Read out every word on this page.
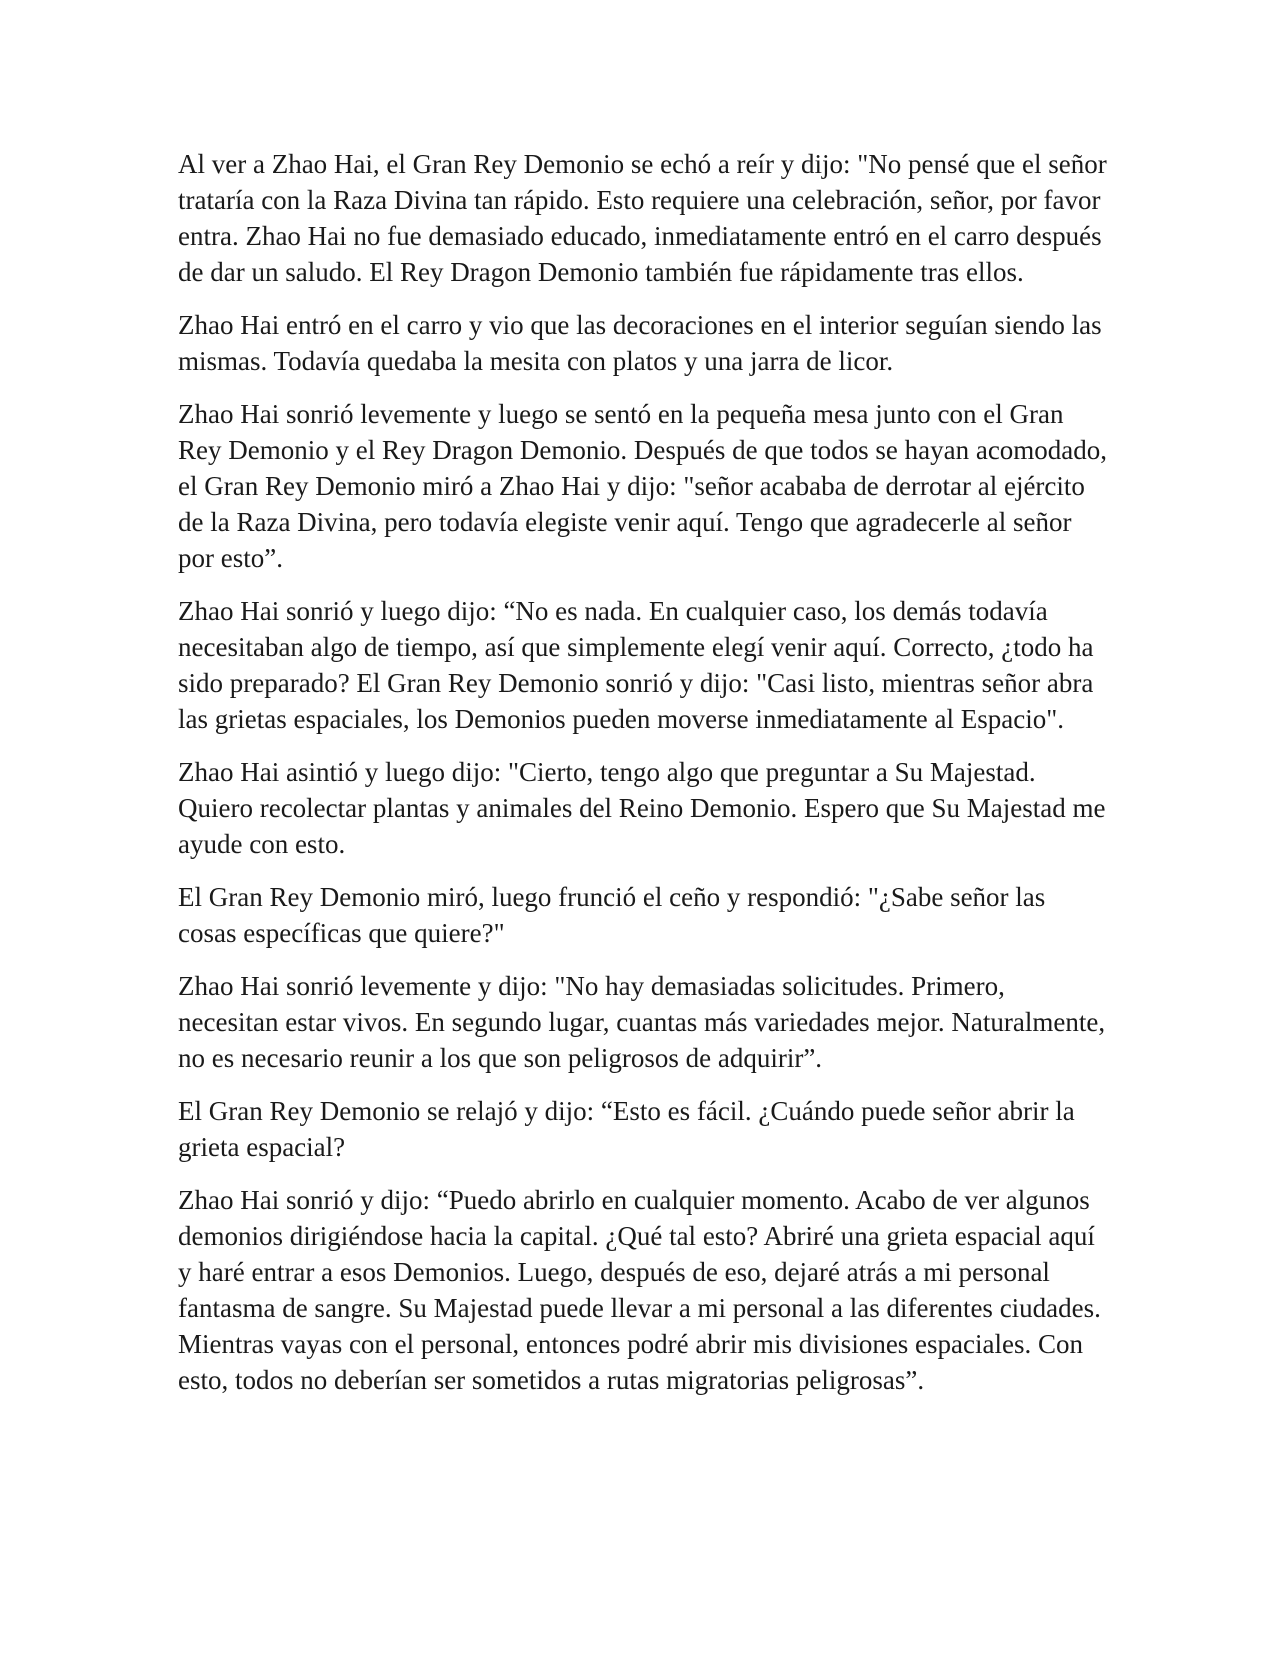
Al ver a Zhao Hai, el Gran Rey Demonio se echó a reír y dijo: "No pensé que el señor trataría con la Raza Divina tan rápido. Esto requiere una celebración, señor, por favor entra. Zhao Hai no fue demasiado educado, inmediatamente entró en el carro después de dar un saludo. El Rey Dragon Demonio también fue rápidamente tras ellos.

Zhao Hai entró en el carro y vio que las decoraciones en el interior seguían siendo las mismas. Todavía quedaba la mesita con platos y una jarra de licor.

Zhao Hai sonrió levemente y luego se sentó en la pequeña mesa junto con el Gran Rey Demonio y el Rey Dragon Demonio. Después de que todos se hayan acomodado, el Gran Rey Demonio miró a Zhao Hai y dijo: "señor acababa de derrotar al ejército de la Raza Divina, pero todavía elegiste venir aquí. Tengo que agradecerle al señor por esto”.

Zhao Hai sonrió y luego dijo: “No es nada. En cualquier caso, los demás todavía necesitaban algo de tiempo, así que simplemente elegí venir aquí. Correcto, ¿todo ha sido preparado? El Gran Rey Demonio sonrió y dijo: "Casi listo, mientras señor abra las grietas espaciales, los Demonios pueden moverse inmediatamente al Espacio".

Zhao Hai asintió y luego dijo: "Cierto, tengo algo que preguntar a Su Majestad. Quiero recolectar plantas y animales del Reino Demonio. Espero que Su Majestad me ayude con esto.

El Gran Rey Demonio miró, luego frunció el ceño y respondió: "¿Sabe señor las cosas específicas que quiere?"

Zhao Hai sonrió levemente y dijo: "No hay demasiadas solicitudes. Primero, necesitan estar vivos. En segundo lugar, cuantas más variedades mejor. Naturalmente, no es necesario reunir a los que son peligrosos de adquirir”.

El Gran Rey Demonio se relajó y dijo: “Esto es fácil. ¿Cuándo puede señor abrir la grieta espacial?

Zhao Hai sonrió y dijo: “Puedo abrirlo en cualquier momento. Acabo de ver algunos demonios dirigiéndose hacia la capital. ¿Qué tal esto? Abriré una grieta espacial aquí y haré entrar a esos Demonios. Luego, después de eso, dejaré atrás a mi personal fantasma de sangre. Su Majestad puede llevar a mi personal a las diferentes ciudades. Mientras vayas con el personal, entonces podré abrir mis divisiones espaciales. Con esto, todos no deberían ser sometidos a rutas migratorias peligrosas”.
